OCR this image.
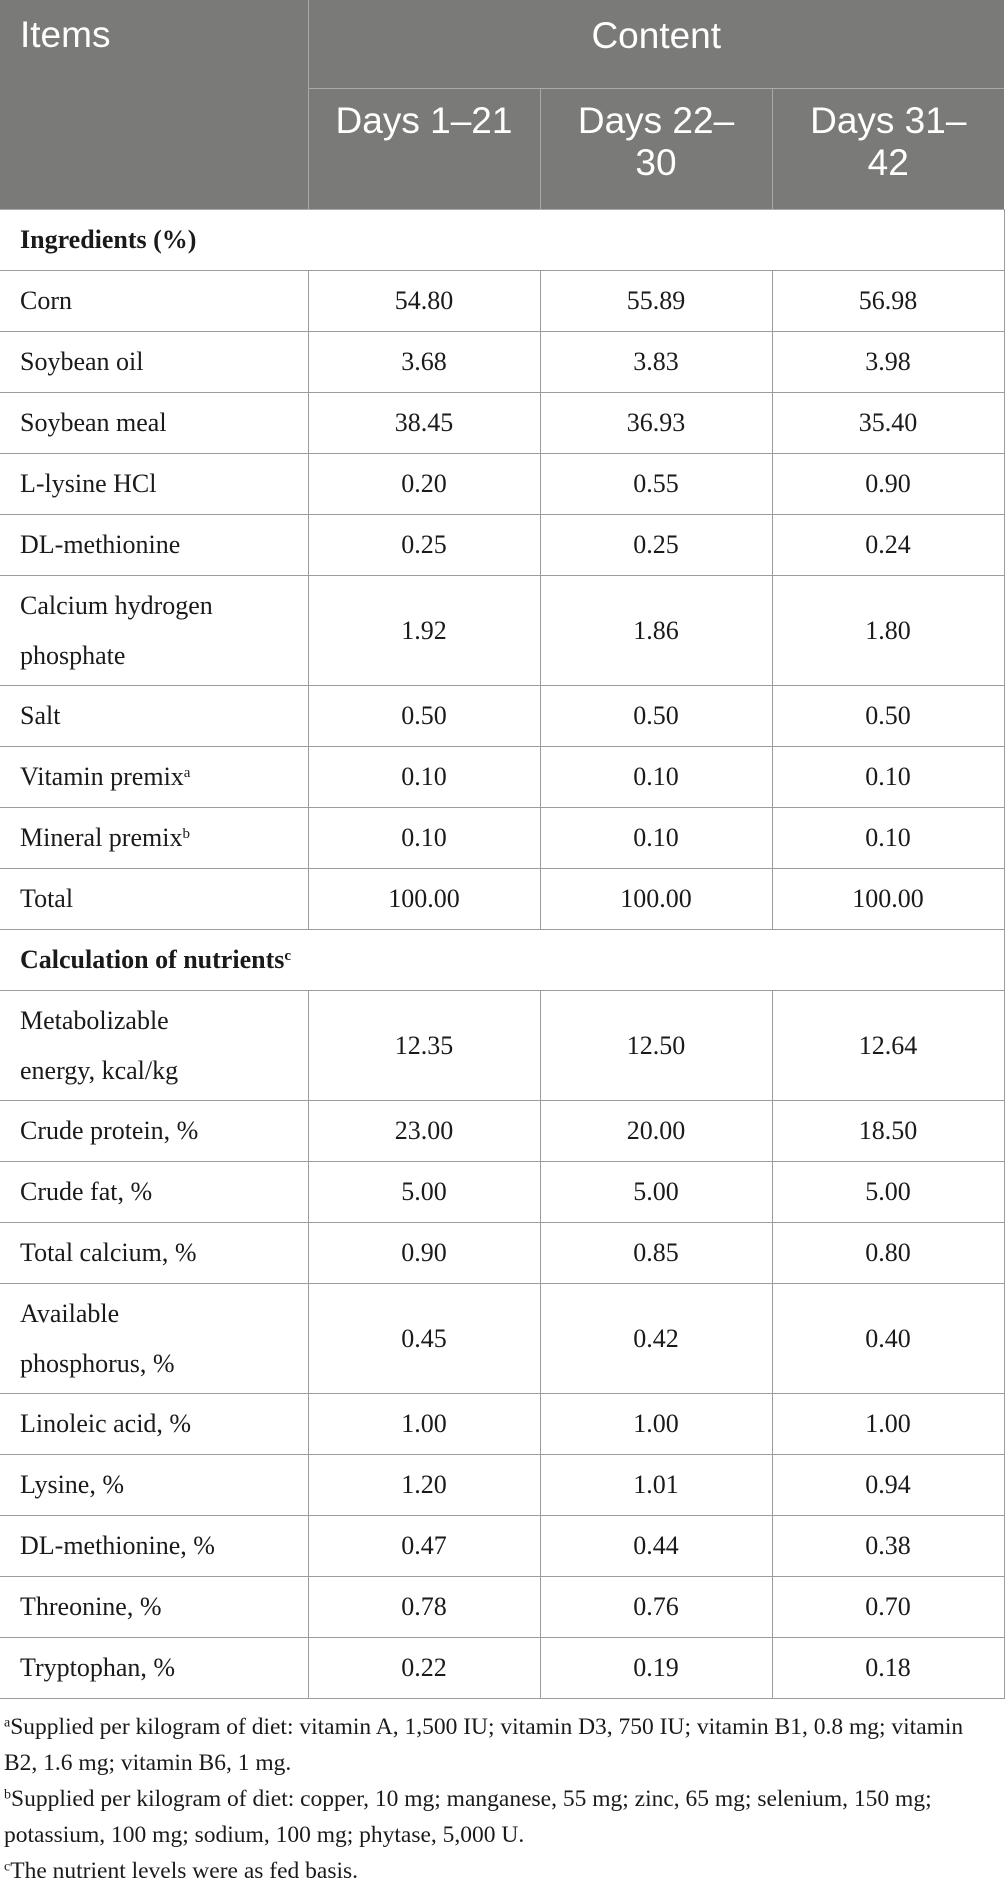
Items	Content		
	Days 1–21	Days 22–30	Days 31–42
Ingredients (%)			
Corn	54.80	55.89	56.98
Soybean oil	3.68	3.83	3.98
Soybean meal	38.45	36.93	35.40
L-lysine HCl	0.20	0.55	0.90
DL-methionine	0.25	0.25	0.24
Calcium hydrogen phosphate	1.92	1.86	1.80
Salt	0.50	0.50	0.50
Vitamin premix$^a$	0.10	0.10	0.10
Mineral premix$^b$	0.10	0.10	0.10
Total	100.00	100.00	100.00
Calculation of nutrients$^c$
Metabolizable energy, kcal/kg	12.35	12.50	12.64
Crude protein, %	23.00	20.00	18.50
Crude fat, %	5.00	5.00	5.00
Total calcium, %	0.90	0.85	0.80
Available phosphorus, %	0.45	0.42	0.40
Linoleic acid, %	1.00	1.00	1.00
Lysine, %	1.20	1.01	0.94
DL-methionine, %	0.47	0.44	0.38
Threonine, %	0.78	0.76	0.70
Tryptophan, %	0.22	0.19	0.18

$^a$Supplied per kilogram of diet: vitamin A, 1,500 IU; vitamin D3, 750 IU; vitamin B1, 0.8 mg; vitamin B2, 1.6 mg; vitamin B6, 1 mg.

$^b$Supplied per kilogram of diet: copper, 10 mg; manganese, 55 mg; zinc, 65 mg; selenium, 150 mg; potassium, 100 mg; sodium, 100 mg; phytase, 5,000 U.

$^c$The nutrient levels were as fed basis.
